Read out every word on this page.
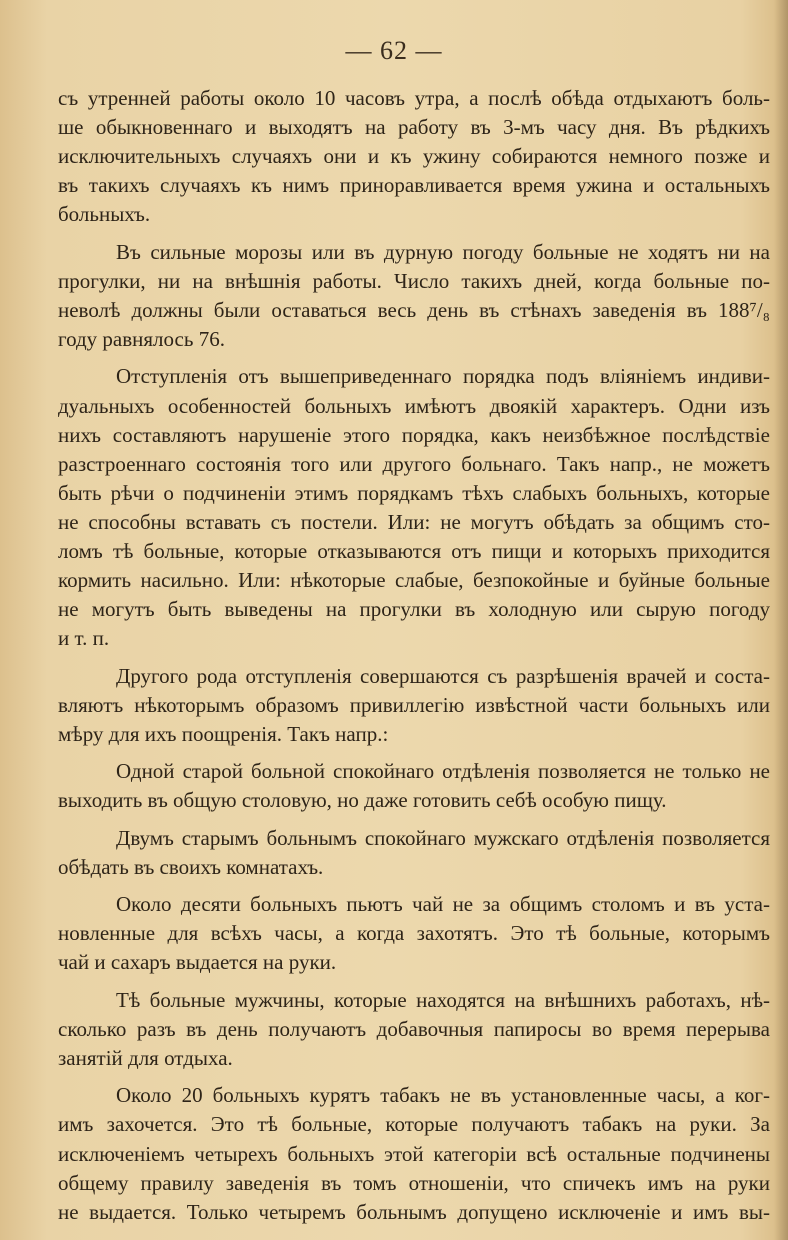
— 62 —
съ утренней работы около 10 часовъ утра, а послѣ обѣда отдыхаютъ боль-
ше обыкновеннаго и выходятъ на работу въ 3-мъ часу дня. Въ рѣдкихъ
исключительныхъ случаяхъ они и къ ужину собираются немного позже и
въ такихъ случаяхъ къ нимъ приноравливается время ужина и остальныхъ
больныхъ.
Въ сильные морозы или въ дурную погоду больные не ходятъ ни на
прогулки, ни на внѣшнія работы. Число такихъ дней, когда больные по-
неволѣ должны были оставаться весь день въ стѣнахъ заведенія въ 188⁷/₈
году равнялось 76.
Отступленія отъ вышеприведеннаго порядка подъ вліяніемъ индиви-
дуальныхъ особенностей больныхъ имѣютъ двоякій характеръ. Одни изъ
нихъ составляютъ нарушеніе этого порядка, какъ неизбѣжное послѣдствіе
разстроеннаго состоянія того или другого больнаго. Такъ напр., не можетъ
быть рѣчи о подчиненіи этимъ порядкамъ тѣхъ слабыхъ больныхъ, которые
не способны вставать съ постели. Или: не могутъ обѣдать за общимъ сто-
ломъ тѣ больные, которые отказываются отъ пищи и которыхъ приходится
кормить насильно. Или: нѣкоторые слабые, безпокойные и буйные больные
не могутъ быть выведены на прогулки въ холодную или сырую погоду
и т. п.
Другого рода отступленія совершаются съ разрѣшенія врачей и соста-
вляютъ нѣкоторымъ образомъ привиллегію извѣстной части больныхъ или
мѣру для ихъ поощренія. Такъ напр.:
Одной старой больной спокойнаго отдѣленія позволяется не только не
выходить въ общую столовую, но даже готовить себѣ особую пищу.
Двумъ старымъ больнымъ спокойнаго мужскаго отдѣленія позволяется
обѣдать въ своихъ комнатахъ.
Около десяти больныхъ пьютъ чай не за общимъ столомъ и въ уста-
новленные для всѣхъ часы, а когда захотятъ. Это тѣ больные, которымъ
чай и сахаръ выдается на руки.
Тѣ больные мужчины, которые находятся на внѣшнихъ работахъ, нѣ-
сколько разъ въ день получаютъ добавочныя папиросы во время перерыва
занятій для отдыха.
Около 20 больныхъ курятъ табакъ не въ установленные часы, а ког-
имъ захочется. Это тѣ больные, которые получаютъ табакъ на руки. За
исключеніемъ четырехъ больныхъ этой категоріи всѣ остальные подчинены
общему правилу заведенія въ томъ отношеніи, что спичекъ имъ на руки
не выдается. Только четыремъ больнымъ допущено исключеніе и имъ вы-
